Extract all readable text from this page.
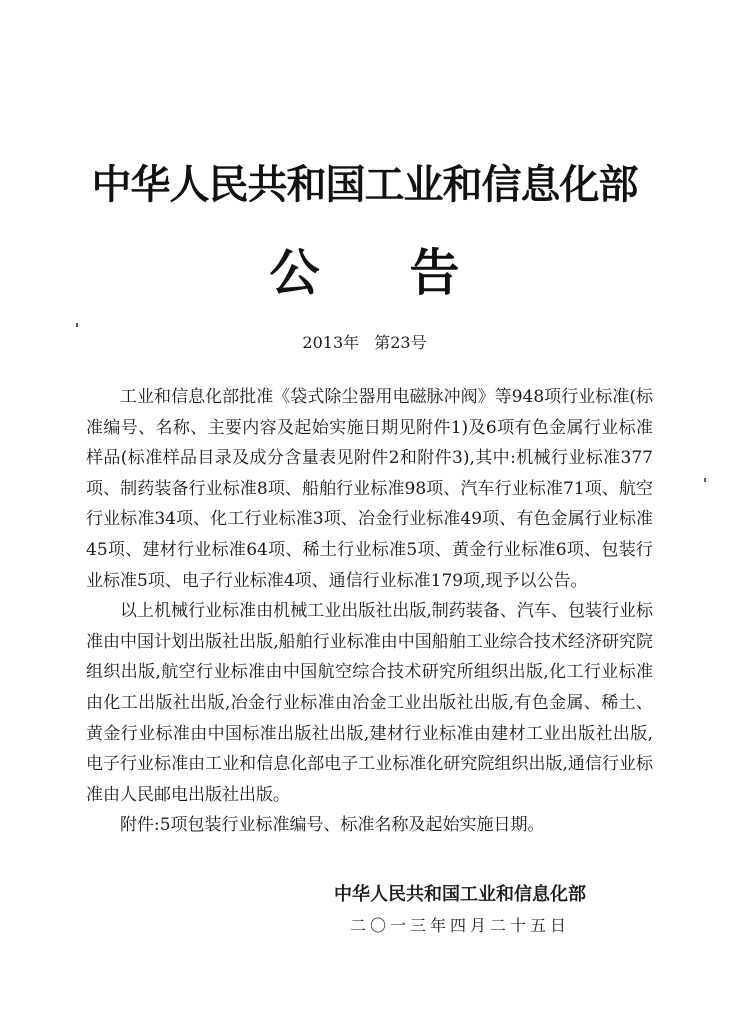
中华人民共和国工业和信息化部
公告
2013年 第23号

工业和信息化部批准《袋式除尘器用电磁脉冲阀》等948项行业标准(标准编号、名称、主要内容及起始实施日期见附件1)及6项有色金属行业标准样品(标准样品目录及成分含量表见附件2和附件3),其中:机械行业标准377项、制药装备行业标准8项、船舶行业标准98项、汽车行业标准71项、航空行业标准34项、化工行业标准3项、冶金行业标准49项、有色金属行业标准45项、建材行业标准64项、稀土行业标准5项、黄金行业标准6项、包装行业标准5项、电子行业标准4项、通信行业标准179项,现予以公告。

以上机械行业标准由机械工业出版社出版,制药装备、汽车、包装行业标准由中国计划出版社出版,船舶行业标准由中国船舶工业综合技术经济研究院组织出版,航空行业标准由中国航空综合技术研究所组织出版,化工行业标准由化工出版社出版,冶金行业标准由冶金工业出版社出版,有色金属、稀土、黄金行业标准由中国标准出版社出版,建材行业标准由建材工业出版社出版,电子行业标准由工业和信息化部电子工业标准化研究院组织出版,通信行业标准由人民邮电出版社出版。

附件:5项包装行业标准编号、标准名称及起始实施日期。

中华人民共和国工业和信息化部
二〇一三年四月二十五日
